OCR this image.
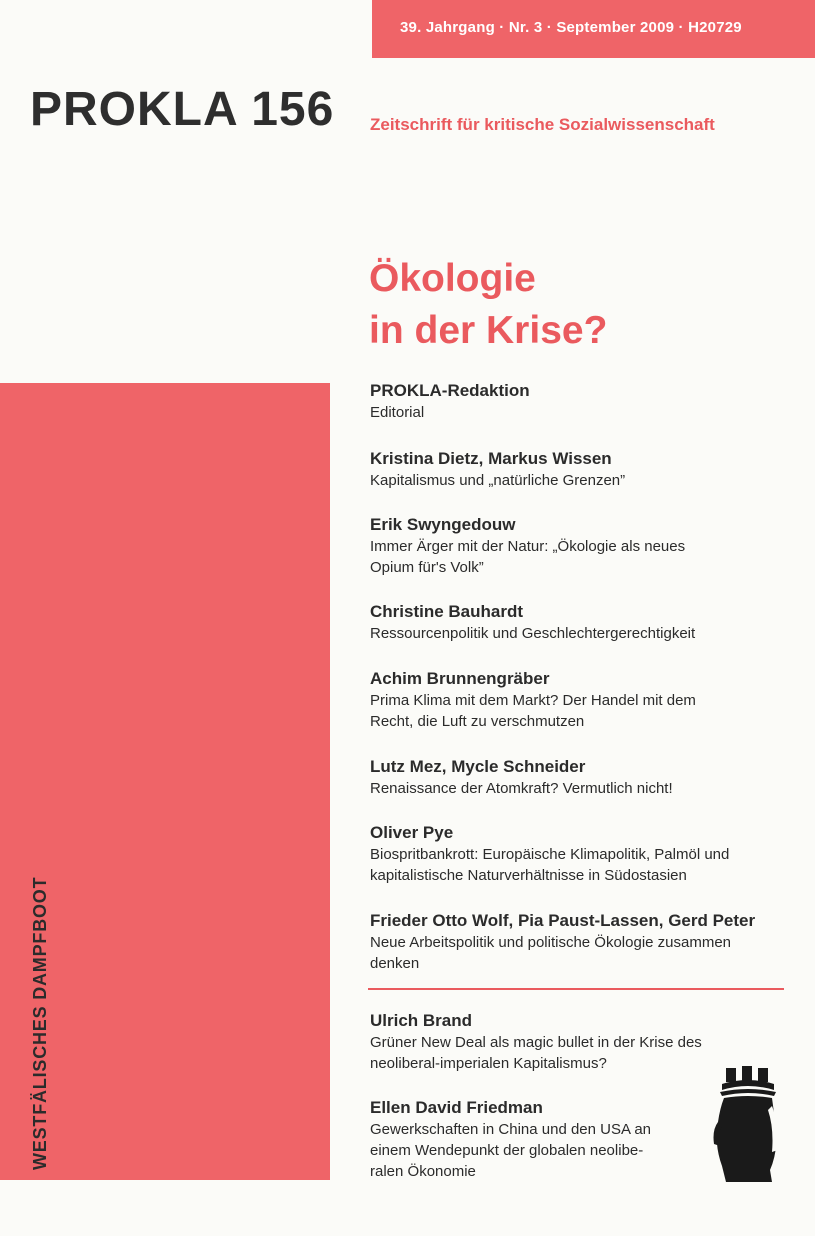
39. Jahrgang · Nr. 3 · September 2009 · H20729
PROKLA 156 Zeitschrift für kritische Sozialwissenschaft
Ökologie
in der Krise?
WESTFÄLISCHES DAMPFBOOT
PROKLA-Redaktion
Editorial
Kristina Dietz, Markus Wissen
Kapitalismus und „natürliche Grenzen”
Erik Swyngedouw
Immer Ärger mit der Natur: „Ökologie als neues
Opium für's Volk”
Christine Bauhardt
Ressourcenpolitik und Geschlechtergerechtigkeit
Achim Brunnengräber
Prima Klima mit dem Markt? Der Handel mit dem
Recht, die Luft zu verschmutzen
Lutz Mez, Mycle Schneider
Renaissance der Atomkraft? Vermutlich nicht!
Oliver Pye
Biospritbankrott: Europäische Klimapolitik, Palmöl und
kapitalistische Naturverhältnisse in Südostasien
Frieder Otto Wolf, Pia Paust-Lassen, Gerd Peter
Neue Arbeitspolitik und politische Ökologie zusammen
denken
Ulrich Brand
Grüner New Deal als magic bullet in der Krise des
neoliberal-imperialen Kapitalismus?
Ellen David Friedman
Gewerkschaften in China und den USA an
einem Wendepunkt der globalen neolibe-
ralen Ökonomie
